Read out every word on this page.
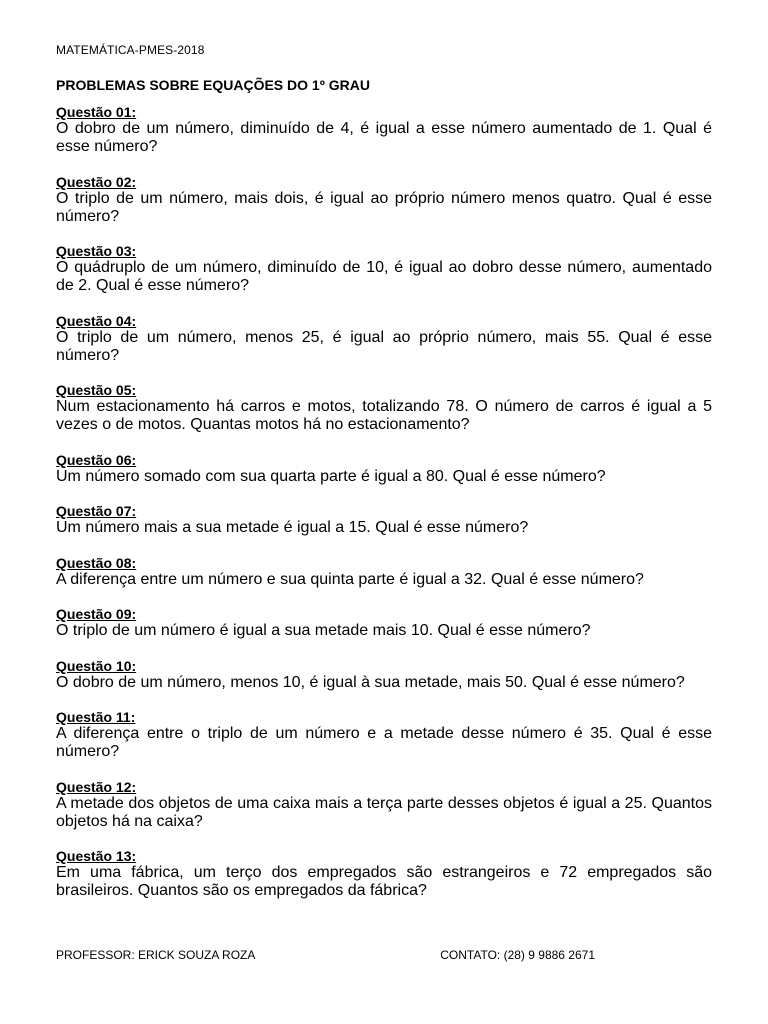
MATEMÁTICA-PMES-2018
PROBLEMAS SOBRE EQUAÇÕES DO 1º GRAU
Questão 01:
O dobro de um número, diminuído de 4, é igual a esse número aumentado de 1. Qual é esse número?
Questão 02:
O triplo de um número, mais dois, é igual ao próprio número menos quatro. Qual é esse número?
Questão 03:
O quádruplo de um número, diminuído de 10, é igual ao dobro desse número, aumentado de 2. Qual é esse número?
Questão 04:
O triplo de um número, menos 25, é igual ao próprio número, mais 55. Qual é esse número?
Questão 05:
Num estacionamento há carros e motos, totalizando 78. O número de carros é igual a 5 vezes o de motos. Quantas motos há no estacionamento?
Questão 06:
Um número somado com sua quarta parte é igual a 80. Qual é esse número?
Questão 07:
Um número mais a sua metade é igual a 15. Qual é esse número?
Questão 08:
A diferença entre um número e sua quinta parte é igual a 32. Qual é esse número?
Questão 09:
O triplo de um número é igual a sua metade mais 10. Qual é esse número?
Questão 10:
O dobro de um número, menos 10, é igual à sua metade, mais 50. Qual é esse número?
Questão 11:
A diferença entre o triplo de um número e a metade desse número é 35. Qual é esse número?
Questão 12:
A metade dos objetos de uma caixa mais a terça parte desses objetos é igual a 25. Quantos objetos há na caixa?
Questão 13:
Em uma fábrica, um terço dos empregados são estrangeiros e 72 empregados são brasileiros. Quantos são os empregados da fábrica?
PROFESSOR: ERICK SOUZA ROZA	CONTATO: (28) 9 9886 2671
